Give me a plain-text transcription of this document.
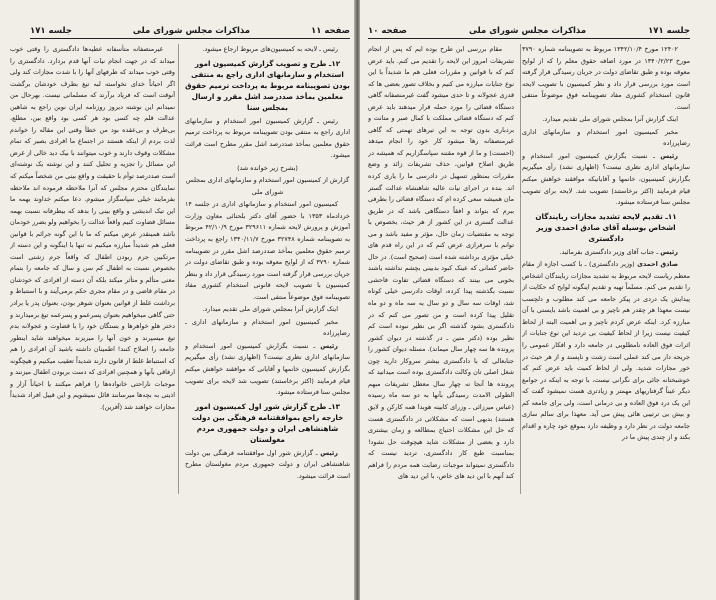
صفحه ۱۱
مذاکرات مجلس شورای ملی
جلسه ۱۷۱

رئیس ـ لایحه به کمیسیون‌های مربوط ارجاع میشود.

۱۲ـ طرح و تصویب گزارش کمیسیون امور استخدام و سازمانهای اداری راجع به منتفی بودن تصویبنامه مربوط به پرداخت ترمیم حقوق معلمین بمأخذ صددرصد اشل مقرر و ارسال بمجلس سنا

رئیس ـ گزارش کمیسیون امور استخدام و سازمانهای اداری راجع به منتفی بودن تصویبنامه مربوط به پرداخت ترمیم حقوق معلمین بمأخذ صددرصد اشل مقرر مطرح است قرائت میشود.

(بشرح زیر خوانده شد)

گزارش از کمیسیون امور استخدام و سازمانهای اداری بمجلس شورای ملی

کمیسیون امور استخدام و سازمانهای اداری در جلسه ۱۴ خردادماه ۱۳۵۳ با حضور آقای دکتر بلحنائی معاون وزارت آموزش و پرورش لایحه شماره ۳۲۹۶۱۱ مورخ ۴۲/۱۰/۹ مربوط به تصویبنامه شماره ۳۲۷۴۸ مورخ ۱۳۴۰/۱۱/۷ راجع به پرداخت ترمیم حقوق معلمین بمأخذ صددرصد اشل مقرر در تصویبنامه شماره ۳۷۹۰ که از لوایح معوقه بوده و طبق تقاضای دولت در جریان بررسی قرار گرفته است مورد رسیدگی قرار داد و بنظر کمیسیون با تصویب لایحه قانونی استخدام کشوری مفاد تصویبنامه فوق موضوعاً منتفی است.

اینک گزارش آنرا بمجلس شورای ملی تقدیم میدارد.

مخبر کمیسیون امور استخدام و سازمانهای اداری ـ رضاپرزاده

رئیس ـ نسبت بگزارش کمیسیون امور استخدام و سازمانهای اداری نظری نیست؟ (اظهاری نشد) رأی میگیریم بگزارش کمیسیون خانمها و آقایانی که موافقند خواهش میکنم قیام فرمایند (اکثر برخاستند) تصویب شد لایحه برای تصویب مجلس سنا فرستاده میشود.

۱۳ـ طرح گزارش شور اول کمیسیون امور خارجه راجع بموافقتنامه فرهنگی بین دولت شاهنشاهی ایران و دولت جمهوری مردم مغولستان

رئیس ـ گزارش شور اول موافقتنامه فرهنگی بین دولت شاهنشاهی ایران و دولت جمهوری مردم مغولستان مطرح است قرائت میشود.

غیرمنصفانه متأسفانه عطیه‌ها دادگستری را وقتی خوب میداند که در جهت انجام نیات آنها قدم بردارد. دادگستری را وقتی خوب میداند که طرفهای آنها را با شدت مجازات کند ولی اگر احیاناً خدای نخواسته لبه تیغ بطرف خودشان برگشت آنوقت است که فریاد برآرند که مسلمانی نیست. بهرحال من نمیدانم این نوشته دیروز روزنامه ایران نوین راجع به شاهین عدالت قلم چه کسی بود هر کسی بود واقع بین، مطلع، بی‌طرف و بی‌عقده بود من خطأ وقتی این مقاله را خواندم لذت بردم از اینکه هستند در اجتماع ما افرادی بصیر که تمام مشکلات وقوف دارند و خوب میتوانند با بیک دید خالی از غرض این مسائل را تجزیه و تحلیل کنند و این نوشته یک نوشته‌ای است صددرصد توأم با حقیقت و واقع بینی من شخصاً میکنم که نمایندگان محترم مجلس که آنرا ملاحظه فرموده اند ملاحظه بفرمایند خیلی سپاسگزار میشوم. دعا میکنم خداوند بهمه ما این تیک اندیشی و واقع بینی را بدهد که بیطرفانه نسبت بهمه مسائل قضاوت کنیم واقعاً عدالت را بخواهیم ولو بضرر خودمان باشد همینقدر عرض میکنم که ما با این گونه جرائم با قوانین فعلی هم شدیداً مبارزه میکنیم نه تنها با اینگونه و این دسته از مرتکبین جرم ربودن اطفال که واقعاً جرم زشتی است بخصوص نسبت به اطفال کم سن و سال که جامعه را بتمام معنی متألم و متأثر میکند بلکه آن دسته از افرادی که خودشان در مقام قاضی و در مقام مجری حکم برمی‌آیند و با استنباط و برداشت غلط از قوانین بعنوان شوهر بودن، بعنوان پدر یا برادر حتی گاهی میخواهیم بعنوان پسرعمو و پسرعمه تیغ برمیدارند و دختر هلو خواهرها و بستگان خود را با قضاوت و عجولانه بدم تیغ میسپرند و خون آنها را میریزند میخواهند شاید اینطور جامعه را اصلاح کنند! اطمینان داشته باشید آن افرادی را هم که استنباط غلط از قانون دارند شدیداً تعقیب میکنیم و هیچگونه ارفاقی بآنها و همچنین افرادی که دست بربودن اطفال میزنند و موجبات ناراحتی خانواده‌ها را فراهم میکنند یا احیاناً آزار و اذیتی به بچه‌ها میرسانند قائل نمیشویم و این قبیل افراد شدیداً مجازات خواهند شد (آفرین).

جلسه ۱۷۱
مذاکرات مجلس شورای ملی
صفحه ۱۰

۱۲۴۰۲ مورخ ۱۳۴۲/۱۰/۴ مربوط به تصویبنامه شماره ۳۷۹۰ مورخ ۱۳۴۰/۲/۲۳ در مورد اضافه حقوق معلم را که از لوایح معوقه بوده و طبق تقاضای دولت در جریان رسیدگی قرار گرفته است مورد بررسی قرار داد و نظر کمیسیون با تصویب لایحه قانون استخدام کشوری مفاد تصویبنامه فوق موضوعاً منتفی است.

اینک گزارش آنرا بمجلس شورای ملی تقدیم میدارد.

مخبر کمیسیون امور استخدام و سازمانهای اداری رضاپرزاده

رئیس ـ نسبت بگزارش کمیسیون امور استخدام و سازمانهای اداری نظری نیست؟ (اظهاری نشد) رأی میگیریم بگزارش کمیسیون، خانمها و آقایانیکه موافقند خواهش میکنم قیام فرمایند (اکثر برخاستند) تصویب شد. لایحه برای تصویب مجلس سنا فرستاده میشود.

۱۱ـ تقدیم لایحه تشدید مجازات ربایندگان اشخاص بوسیله آقای صادق احمدی وزیر دادگستری

رئیس ـ جناب آقای وزیر دادگستری بفرمائید.

صادق احمدی (وزیر دادگستری) ـ با کسب اجازه از مقام معظم ریاست لایحه مربوط به تشدید مجازات ربایندگان اشخاص را تقدیم می کنم. مسلماً تهیه و تقدیم اینگونه لوایح که حکایت از پیدایش یک دردی در پیکر جامعه می کند مطلوب و دلچسب نیست معهذا هر چقدر هم ناچیز و بی اهمیت باشد بایستی با آن مبارزه کرد. اینکه عرض کردم ناچیز و بی اهمیت البته از لحاظ کیفیت نیست زیرا از لحاظ کیفیت بی تردید این نوع جنایات از اثرات فوق العاده نامطلوبی در جامعه دارد و افکار عمومی را جریحه دار می کند عملی است زشت و ناپسند و از هر حیث در خور مجازات شدید. ولی از لحاظ کمیت باید عرض کنم که خوشبختانه جائی برای نگرانی نیست، با توجه به اینکه در جوامع دیگر عیناً گرفتاریهای مهمتر و زیادتری هست نمیشود گفت که این یک درد فوق العاده و بی درمانی است، ولی برای جامعه کم و بیش بی ترتیبی هائی پیش می آید. معهذا برای سالم سازی جامعه دولت در نظر دارد و وظیفه دارد بموقع خود چاره و اقدام بکند و از چندی پیش ما در

مقام بررسی این طرح بوده ایم که پس از انجام تشریفات امروز این لایحه را تقدیم می کنم. باید عرض کنم که با قوانین و مقررات فعلی هم ما شدیداً با این نوع جنایات مبارزه می کنیم و بخلاف تصور بعضی ها که قدری عجولانه و تا حدی میشود گفت غیرمنصفانه گاهی دستگاه قضائی را مورد حمله قرار میدهند باید عرض کنم که دستگاه قضائی مملکت با کمال صبر و متانت و بردباری بدون توجه به این تیرهای تهمتی که گاهی غیرمنصفانه رها میشود کار خود را انجام میدهد (احسنت) و ما از قوه مقننه سپاسگزاریم که همیشه در طریق اصلاح قوانین، حذف تشریفات زائد و وضع مقررات بمنظور تسهیل در دادرسی ما را یاری کرده اند. بنده در اجرای نیات عالیه شاهنشاه عدالت گستر مان همیشه سعی کرده ام که دستگاه قضائی را بطرفی ببرم که بتواند و افقاً دستگاهی باشد که در طریق عدالت گستری در این کشور از هر حیث، بخصوص با توجه به مقتضیات زمان حال، مؤثر و مفید باشد و می توانم با سرفرازی عرض کنم که در این راه قدم های خیلی مؤثری برداشته شده است (صحیح است). در حال حاضر کسانی که عینک کبود بدبینی بچشم نداشته باشند بخوبی می بینند که دستگاه قضائی تفاوت فاحشی نسبت بگذشته پیدا کرده، اوقات دادرسی خیلی کوتاه شد، اوقات سه سال و دو سال به سه ماه و دو ماه تقلیل پیدا کرده است و من تصور می کنم که در دادگستری بشود گذشته اگر بی نظیر نبوده است کم نظیر بوده (دکتر متین ـ در گذشته در دیوان کشور پرونده ها سه چهار سال میماند). مسئله دیوان کشور را جنابعالی که با دادگستری بیشتر سروکار دارید چون شغل اصلی تان وکالت دادگستری بوده است میدانید که پرونده ها آنجا نه چهار سال معطل تشریفات مبهم الطولی الامدت رسیدگی بآنها به دو سه ماه رسیده (عباس میرزائی ـ وزرای کابینه هویدا همه کارکن و لایق هستند) بدیهی است که مشکلاتی در دادگستری هست که حل این مشکلات احتیاج بمطالعه و زمان بیشتری دارد و بعضی از مشکلات شاید هیچوقت حل نشود! بمناسبت طبع کار دادگستری، تردید نیست که دادگستری نمیتواند موجبات رضایت همه مردم را فراهم کند آنهم با این دید های خاص، با این دید های
